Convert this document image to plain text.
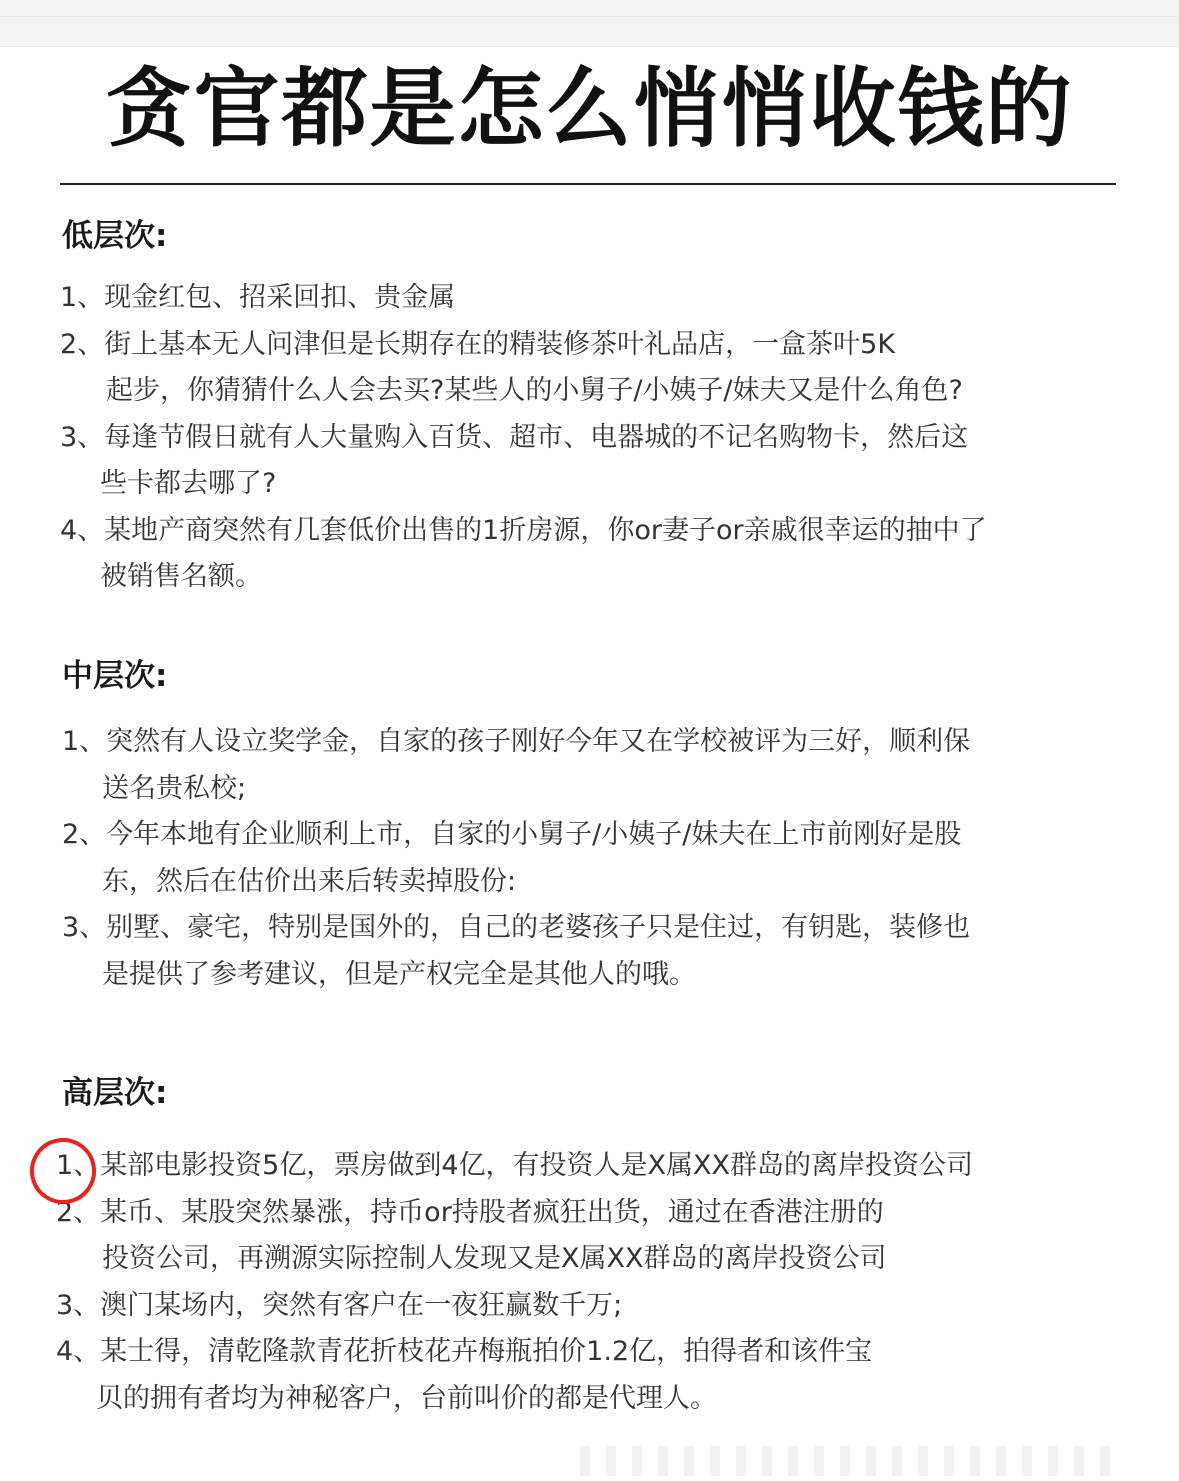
贪官都是怎么悄悄收钱的
低层次:
1、现金红包、招采回扣、贵金属
2、街上基本无人问津但是长期存在的精装修茶叶礼品店，一盒茶叶5K
起步，你猜猜什么人会去买?某些人的小舅子/小姨子/妹夫又是什么角色?
3、每逢节假日就有人大量购入百货、超市、电器城的不记名购物卡，然后这
些卡都去哪了?
4、某地产商突然有几套低价出售的1折房源，你or妻子or亲戚很幸运的抽中了
被销售名额。
中层次:
1、突然有人设立奖学金，自家的孩子刚好今年又在学校被评为三好，顺利保
送名贵私校;
2、今年本地有企业顺利上市，自家的小舅子/小姨子/妹夫在上市前刚好是股
东，然后在估价出来后转卖掉股份:
3、别墅、豪宅，特别是国外的，自己的老婆孩子只是住过，有钥匙，装修也
是提供了参考建议，但是产权完全是其他人的哦。
高层次:
1、某部电影投资5亿，票房做到4亿，有投资人是X属XX群岛的离岸投资公司
2、某币、某股突然暴涨，持币or持股者疯狂出货，通过在香港注册的
投资公司，再溯源实际控制人发现又是X属XX群岛的离岸投资公司
3、澳门某场内，突然有客户在一夜狂赢数千万;
4、某士得，清乾隆款青花折枝花卉梅瓶拍价1.2亿，拍得者和该件宝
贝的拥有者均为神秘客户，台前叫价的都是代理人。
